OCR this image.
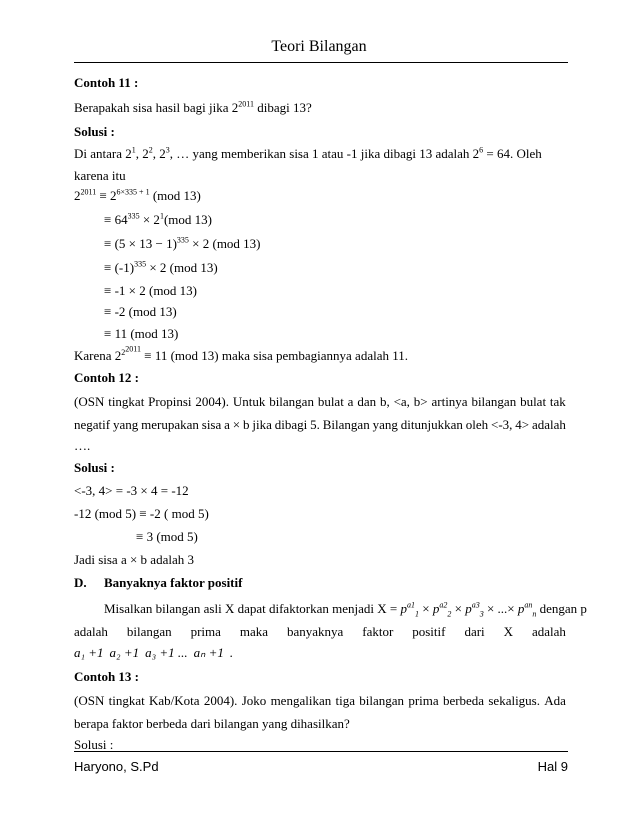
Teori Bilangan
Contoh 11 :
Berapakah sisa hasil bagi jika $2^{2011}$ dibagi 13?
Solusi :
Di antara $2^1$, $2^2$, $2^3$, … yang memberikan sisa 1 atau -1 jika dibagi 13 adalah $2^6 = 64$. Oleh
karena itu
$2^{2011} \equiv 2^{6\times 335 + 1}$ (mod 13)
≡ $64^{335} \times 2^1(mod$ 13)
≡ $(5 \times 13 - 1)^{335} \times 2$ (mod 13)
≡ $(-1)^{335} \times 2$ (mod 13)
≡ -1 × 2 (mod 13)
≡ -2 (mod 13)
≡ 11 (mod 13)
Karena $2^{2^{2011}} \equiv 11$ (mod 13) maka sisa pembagiannya adalah 11.
Contoh 12 :
(OSN tingkat Propinsi 2004). Untuk bilangan bulat a dan b, <a, b> artinya bilangan bulat tak
negatif yang merupakan sisa a × b jika dibagi 5. Bilangan yang ditunjukkan oleh <-3, 4> adalah
….
Solusi :
<-3, 4> = -3 × 4 = -12
-12 (mod 5) ≡ -2 ( mod 5)
≡ 3 (mod 5)
Jadi sisa a × b adalah 3
D. Banyaknya faktor positif
Misalkan bilangan asli X dapat difaktorkan menjadi $X = p^{a1}_1 \times p^{a2}_2 \times p^{a3}_3$ × ...× $p^{an}_n$ dengan p
adalah bilangan prima maka banyaknya faktor positif dari X adalah
a₁ +1 a₂ +1 a₃ +1 ... aₙ +1 .
Contoh 13 :
(OSN tingkat Kab/Kota 2004). Joko mengalikan tiga bilangan prima berbeda sekaligus. Ada
berapa faktor berbeda dari bilangan yang dihasilkan?
Solusi :
Haryono, S.Pd	Hal 9
